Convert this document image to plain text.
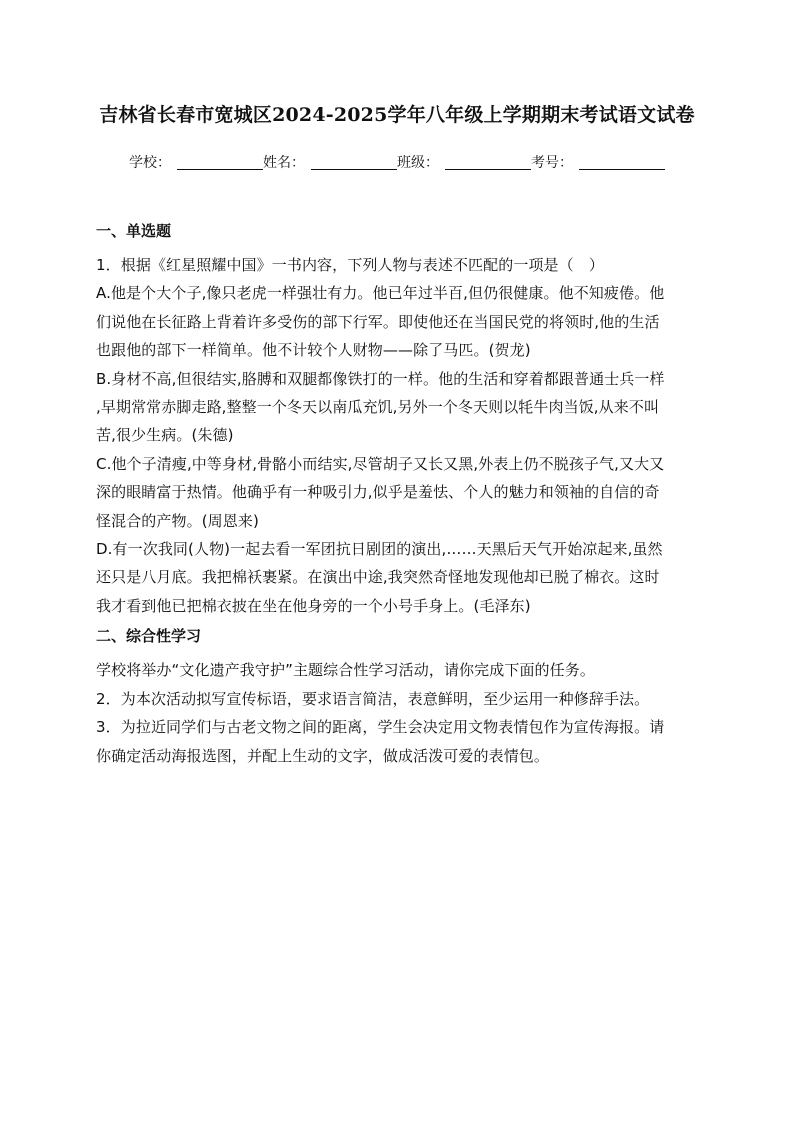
吉林省长春市宽城区2024-2025学年八年级上学期期末考试语文试卷
学校：	姓名：	班级：	考号：
一、单选题
1．根据《红星照耀中国》一书内容，下列人物与表述不匹配的一项是（　）
A.他是个大个子,像只老虎一样强壮有力。他已年过半百,但仍很健康。他不知疲倦。他
们说他在长征路上背着许多受伤的部下行军。即使他还在当国民党的将领时,他的生活
也跟他的部下一样简单。他不计较个人财物——除了马匹。(贺龙)
B.身材不高,但很结实,胳膊和双腿都像铁打的一样。他的生活和穿着都跟普通士兵一样
,早期常常赤脚走路,整整一个冬天以南瓜充饥,另外一个冬天则以牦牛肉当饭,从来不叫
苦,很少生病。(朱德)
C.他个子清瘦,中等身材,骨骼小而结实,尽管胡子又长又黑,外表上仍不脱孩子气,又大又
深的眼睛富于热情。他确乎有一种吸引力,似乎是羞怯、个人的魅力和领袖的自信的奇
怪混合的产物。(周恩来)
D.有一次我同(人物)一起去看一军团抗日剧团的演出,……天黑后天气开始凉起来,虽然
还只是八月底。我把棉袄裹紧。在演出中途,我突然奇怪地发现他却已脱了棉衣。这时
我才看到他已把棉衣披在坐在他身旁的一个小号手身上。(毛泽东)
二、综合性学习
学校将举办“文化遗产我守护”主题综合性学习活动，请你完成下面的任务。
2．为本次活动拟写宣传标语，要求语言简洁，表意鲜明，至少运用一种修辞手法。
3．为拉近同学们与古老文物之间的距离，学生会决定用文物表情包作为宣传海报。请
你确定活动海报选图，并配上生动的文字，做成活泼可爱的表情包。
